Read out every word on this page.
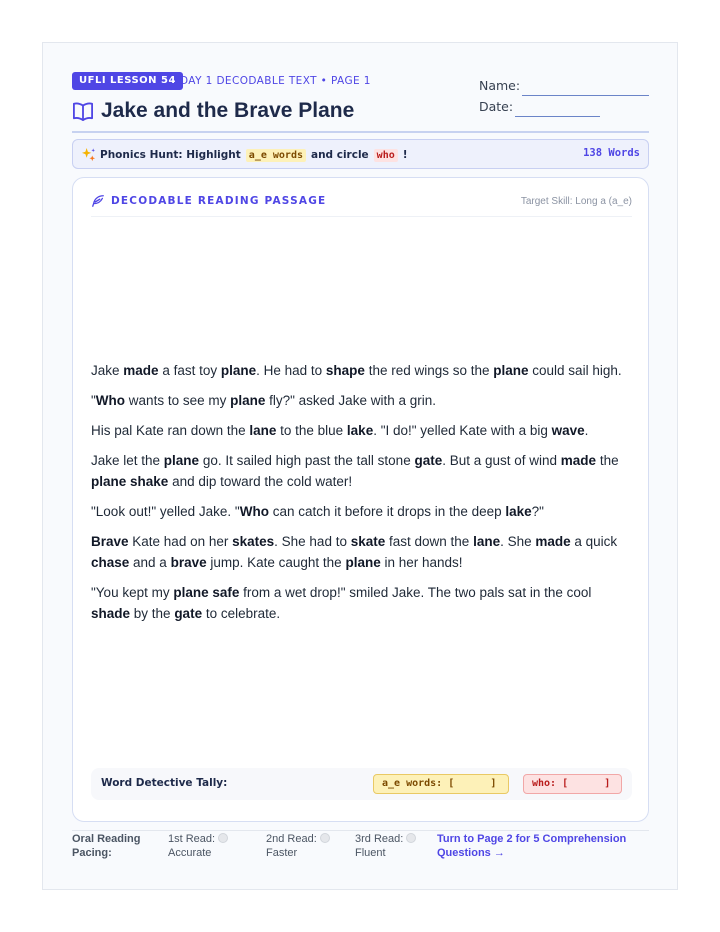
UFLI LESSON 54 DAY 1 DECODABLE TEXT • PAGE 1
Jake and the Brave Plane
Name:
Date:
Phonics Hunt: Highlight a_e words and circle who !	138 Words
DECODABLE READING PASSAGE	Target Skill: Long a (a_e)

Jake made a fast toy plane. He had to shape the red wings so the plane could sail high.

"Who wants to see my plane fly?" asked Jake with a grin.

His pal Kate ran down the lane to the blue lake. "I do!" yelled Kate with a big wave.

Jake let the plane go. It sailed high past the tall stone gate. But a gust of wind made the plane shake and dip toward the cold water!

"Look out!" yelled Jake. "Who can catch it before it drops in the deep lake?"

Brave Kate had on her skates. She had to skate fast down the lane. She made a quick chase and a brave jump. Kate caught the plane in her hands!

"You kept my plane safe from a wet drop!" smiled Jake. The two pals sat in the cool shade by the gate to celebrate.

Word Detective Tally:	a_e words: [      ]	who: [      ]
Oral Reading Pacing:
1st Read:
Accurate
2nd Read:
Faster
3rd Read:
Fluent
Turn to Page 2 for 5 Comprehension Questions →
